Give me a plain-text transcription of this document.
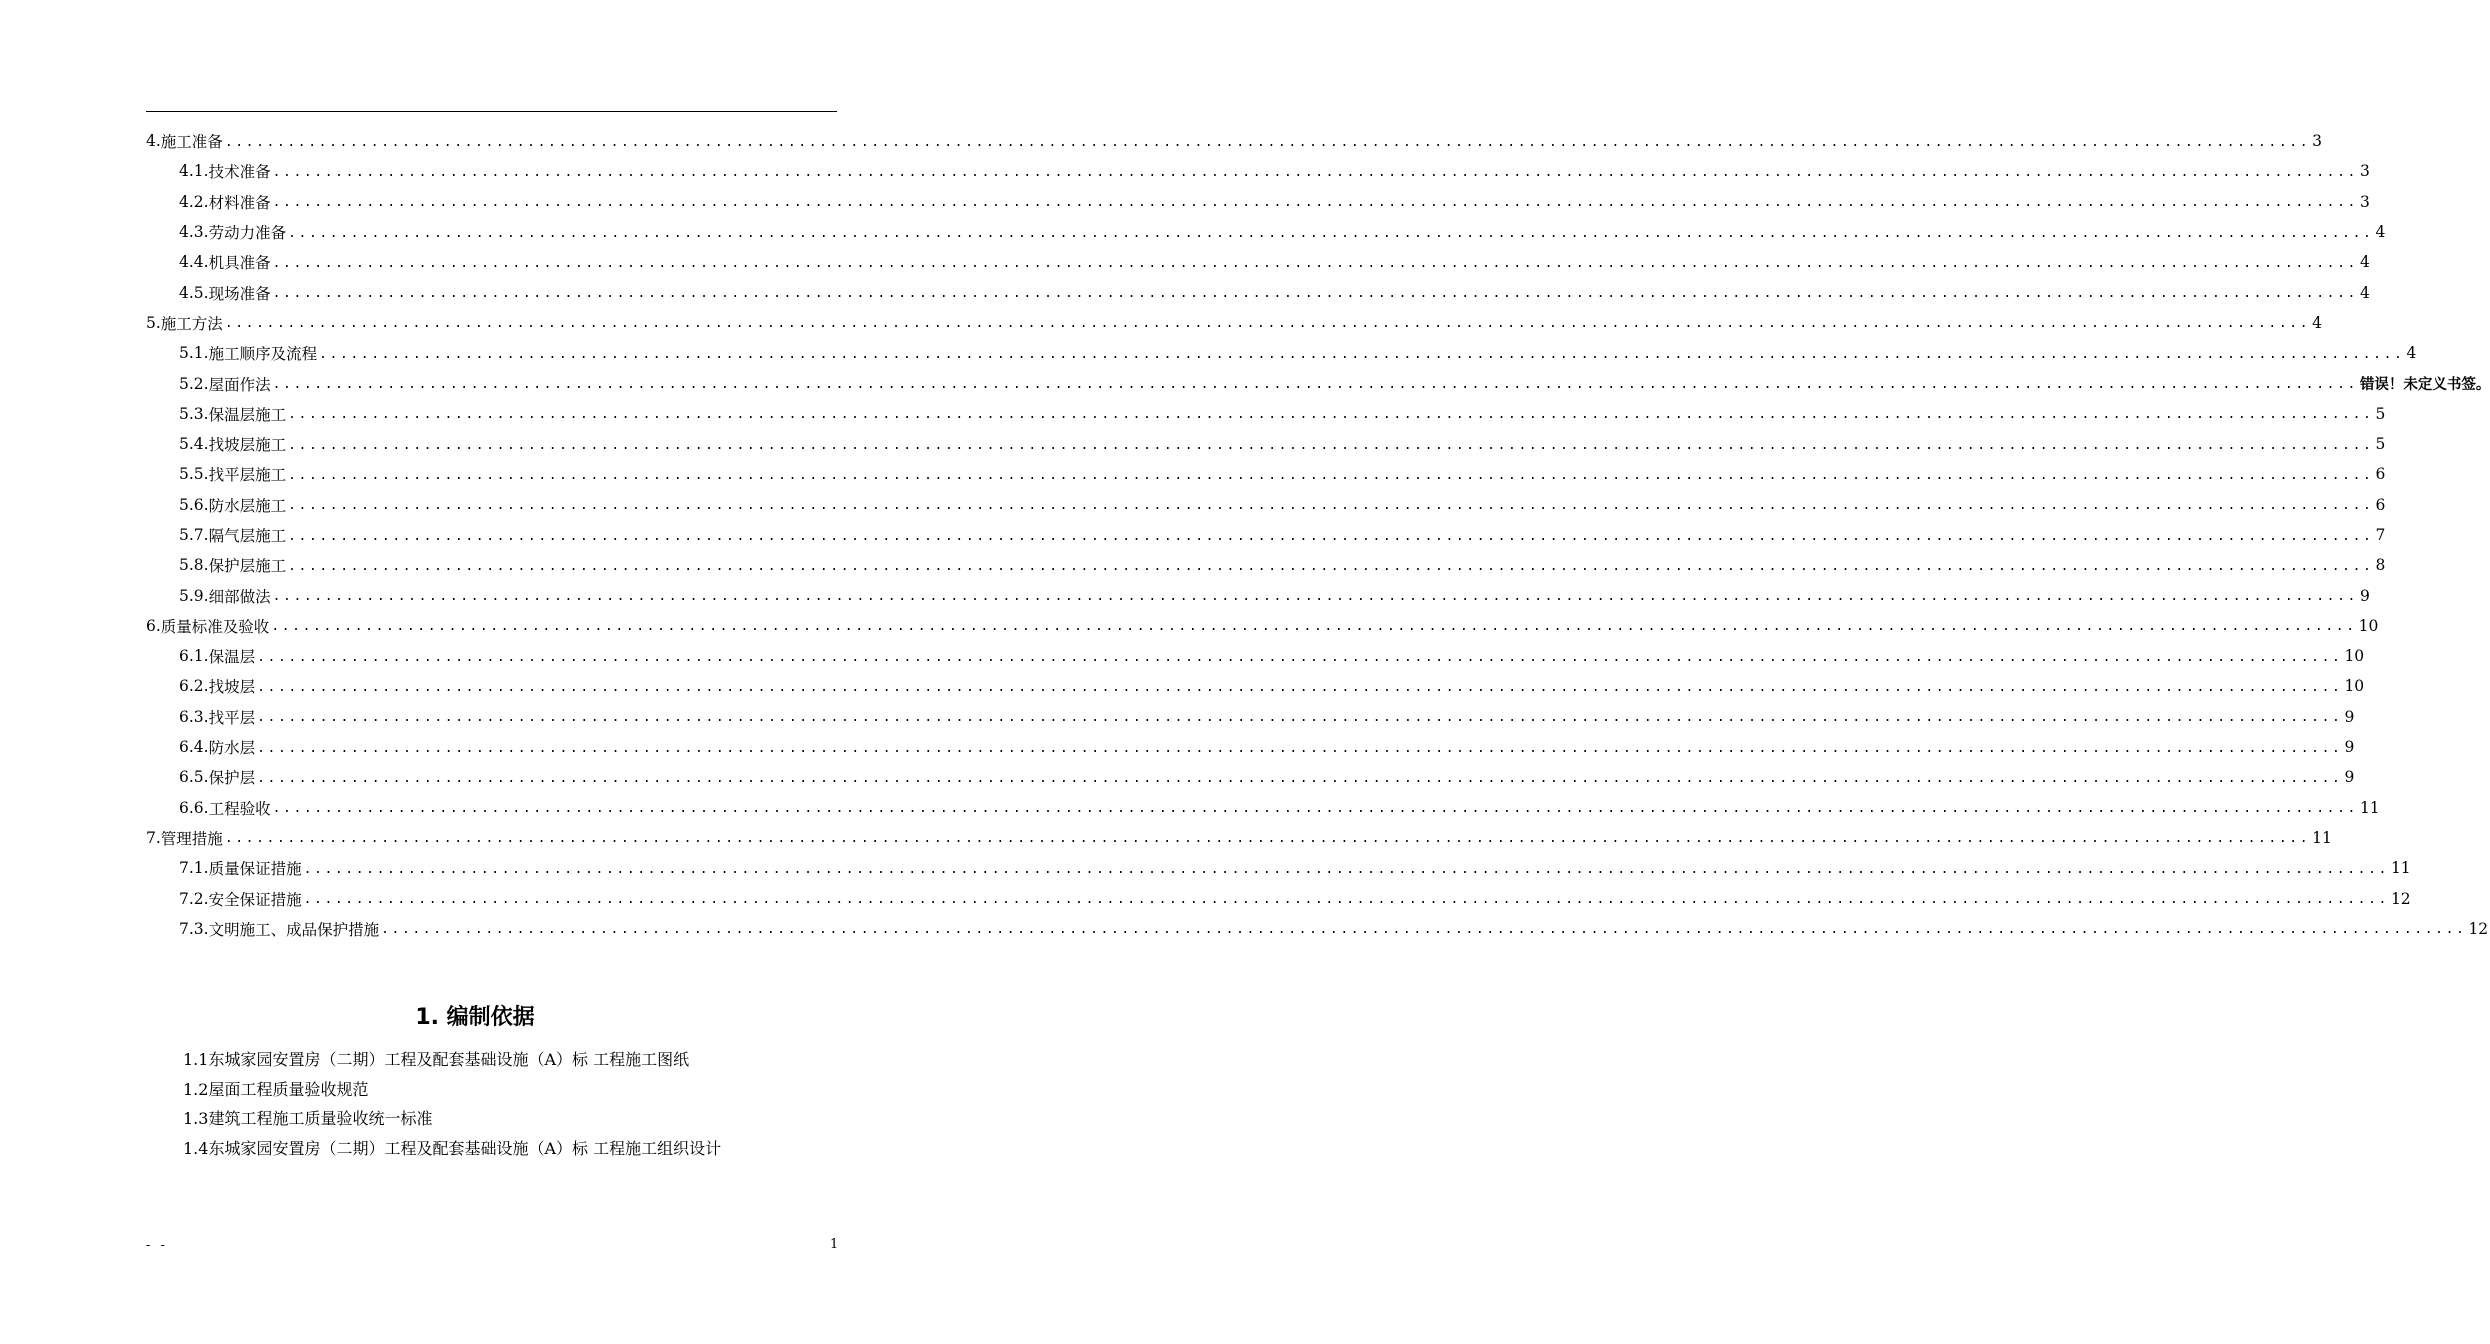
4. 施工准备 ........................................................................................................................................................................................................ 3
4.1. 技术准备 ........................................................................................................................................................................................................ 3
4.2. 材料准备 ........................................................................................................................................................................................................ 3
4.3. 劳动力准备 ........................................................................................................................................................................................................ 4
4.4. 机具准备 ........................................................................................................................................................................................................ 4
4.5. 现场准备 ........................................................................................................................................................................................................ 4
5. 施工方法 ........................................................................................................................................................................................................ 4
5.1. 施工顺序及流程 ........................................................................................................................................................................................................ 4
5.2. 屋面作法 ........................................................................................................................................................................................................ 错误！未定义书签。
5.3. 保温层施工 ........................................................................................................................................................................................................ 5
5.4. 找坡层施工 ........................................................................................................................................................................................................ 5
5.5. 找平层施工 ........................................................................................................................................................................................................ 6
5.6. 防水层施工 ........................................................................................................................................................................................................ 6
5.7. 隔气层施工 ........................................................................................................................................................................................................ 7
5.8. 保护层施工 ........................................................................................................................................................................................................ 8
5.9. 细部做法 ........................................................................................................................................................................................................ 9
6. 质量标准及验收 ........................................................................................................................................................................................................ 10
6.1. 保温层 ........................................................................................................................................................................................................ 10
6.2. 找坡层 ........................................................................................................................................................................................................ 10
6.3. 找平层 ........................................................................................................................................................................................................ 9
6.4. 防水层 ........................................................................................................................................................................................................ 9
6.5. 保护层 ........................................................................................................................................................................................................ 9
6.6. 工程验收 ........................................................................................................................................................................................................ 11
7. 管理措施 ........................................................................................................................................................................................................ 11
7.1. 质量保证措施 ........................................................................................................................................................................................................ 11
7.2. 安全保证措施 ........................................................................................................................................................................................................ 12
7.3. 文明施工、成品保护措施 ........................................................................................................................................................................................................ 12
1. 编制依据
1.1东城家园安置房（二期）工程及配套基础设施（A）标 工程施工图纸
1.2屋面工程质量验收规范
1.3建筑工程施工质量验收统一标准
1.4东城家园安置房（二期）工程及配套基础设施（A）标 工程施工组织设计
- -	1
